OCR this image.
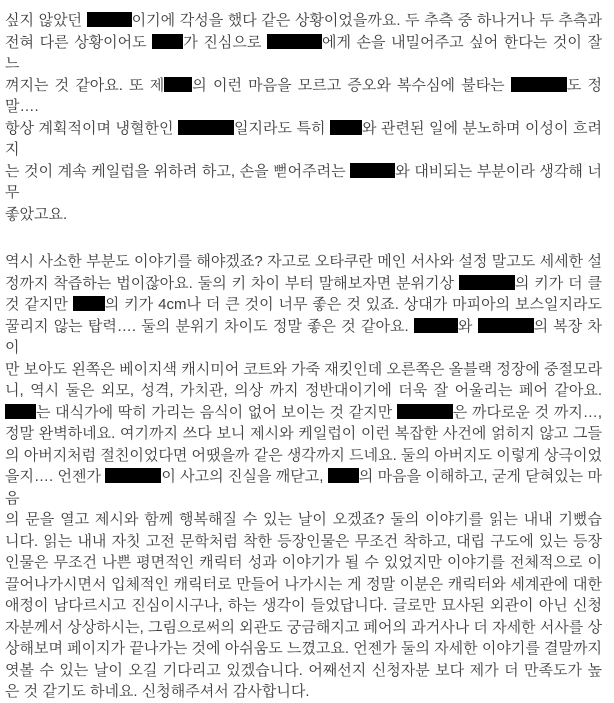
싶지 않았던	이기에 각성을 했다 같은 상황이었을까요. 두 추측 중 하나거나 두 추측과
전혀 다른 상황이어도 가 진심으로	에게 손을 내밀어주고 싶어 한다는 것이 잘 느
껴지는 것 같아요. 또 제 의 이런 마음을 모르고 증오와 복수심에 불타는	도 정말….
항상 계획적이며 냉혈한인	일지라도 특히 와 관련된 일에 분노하며 이성이 흐려지
는 것이 계속 케일럽을 위하려 하고, 손을 뻗어주려는	와 대비되는 부분이라 생각해 너무
좋았고요.
역시 사소한 부분도 이야기를 해야겠죠? 자고로 오타쿠란 메인 서사와 설정 말고도 세세한 설
정까지 착즙하는 법이잖아요. 둘의 키 차이 부터 말해보자면 분위기상	의 키가 더 클
것 같지만 의 키가 4cm나 더 큰 것이 너무 좋은 것 있죠. 상대가 마피아의 보스일지라도
꿀리지 않는 탑력…. 둘의 분위기 차이도 정말 좋은 것 같아요.	와	의 복장 차이
만 보아도 왼쪽은 베이지색 캐시미어 코트와 가죽 재킷인데 오른쪽은 올블랙 정장에 중절모라
니, 역시 둘은 외모, 성격, 가치관, 의상 까지 정반대이기에 더욱 잘 어울리는 페어 같아요.
는 대식가에 딱히 가리는 음식이 없어 보이는 것 같지만	은 까다로운 것 까지…,
정말 완벽하네요. 여기까지 쓰다 보니 제시와 케일럽이 이런 복잡한 사건에 얽히지 않고 그들
의 아버지처럼 절친이었다면 어땠을까 같은 생각까지 드네요. 둘의 아버지도 이렇게 상극이었
을지…. 언젠가	이 사고의 진실을 깨닫고, 의 마음을 이해하고, 굳게 닫혀있는 마음
의 문을 열고 제시와 함께 행복해질 수 있는 날이 오겠죠? 둘의 이야기를 읽는 내내 기뻤습
니다. 읽는 내내 자칫 고전 문학처럼 착한 등장인물은 무조건 착하고, 대립 구도에 있는 등장
인물은 무조건 나쁜 평면적인 캐릭터 성과 이야기가 될 수 있었지만 이야기를 전체적으로 이
끌어나가시면서 입체적인 캐릭터로 만들어 나가시는 게 정말 이분은 캐릭터와 세계관에 대한
애정이 남다르시고 진심이시구나, 하는 생각이 들었답니다. 글로만 묘사된 외관이 아닌 신청
자분께서 상상하시는, 그림으로써의 외관도 궁금해지고 페어의 과거사나 더 자세한 서사를 상
상해보며 페이지가 끝나가는 것에 아쉬움도 느꼈고요. 언젠가 둘의 자세한 이야기를 결말까지
엿볼 수 있는 날이 오길 기다리고 있겠습니다. 어째선지 신청자분 보다 제가 더 만족도가 높
은 것 같기도 하네요. 신청해주셔서 감사합니다.
